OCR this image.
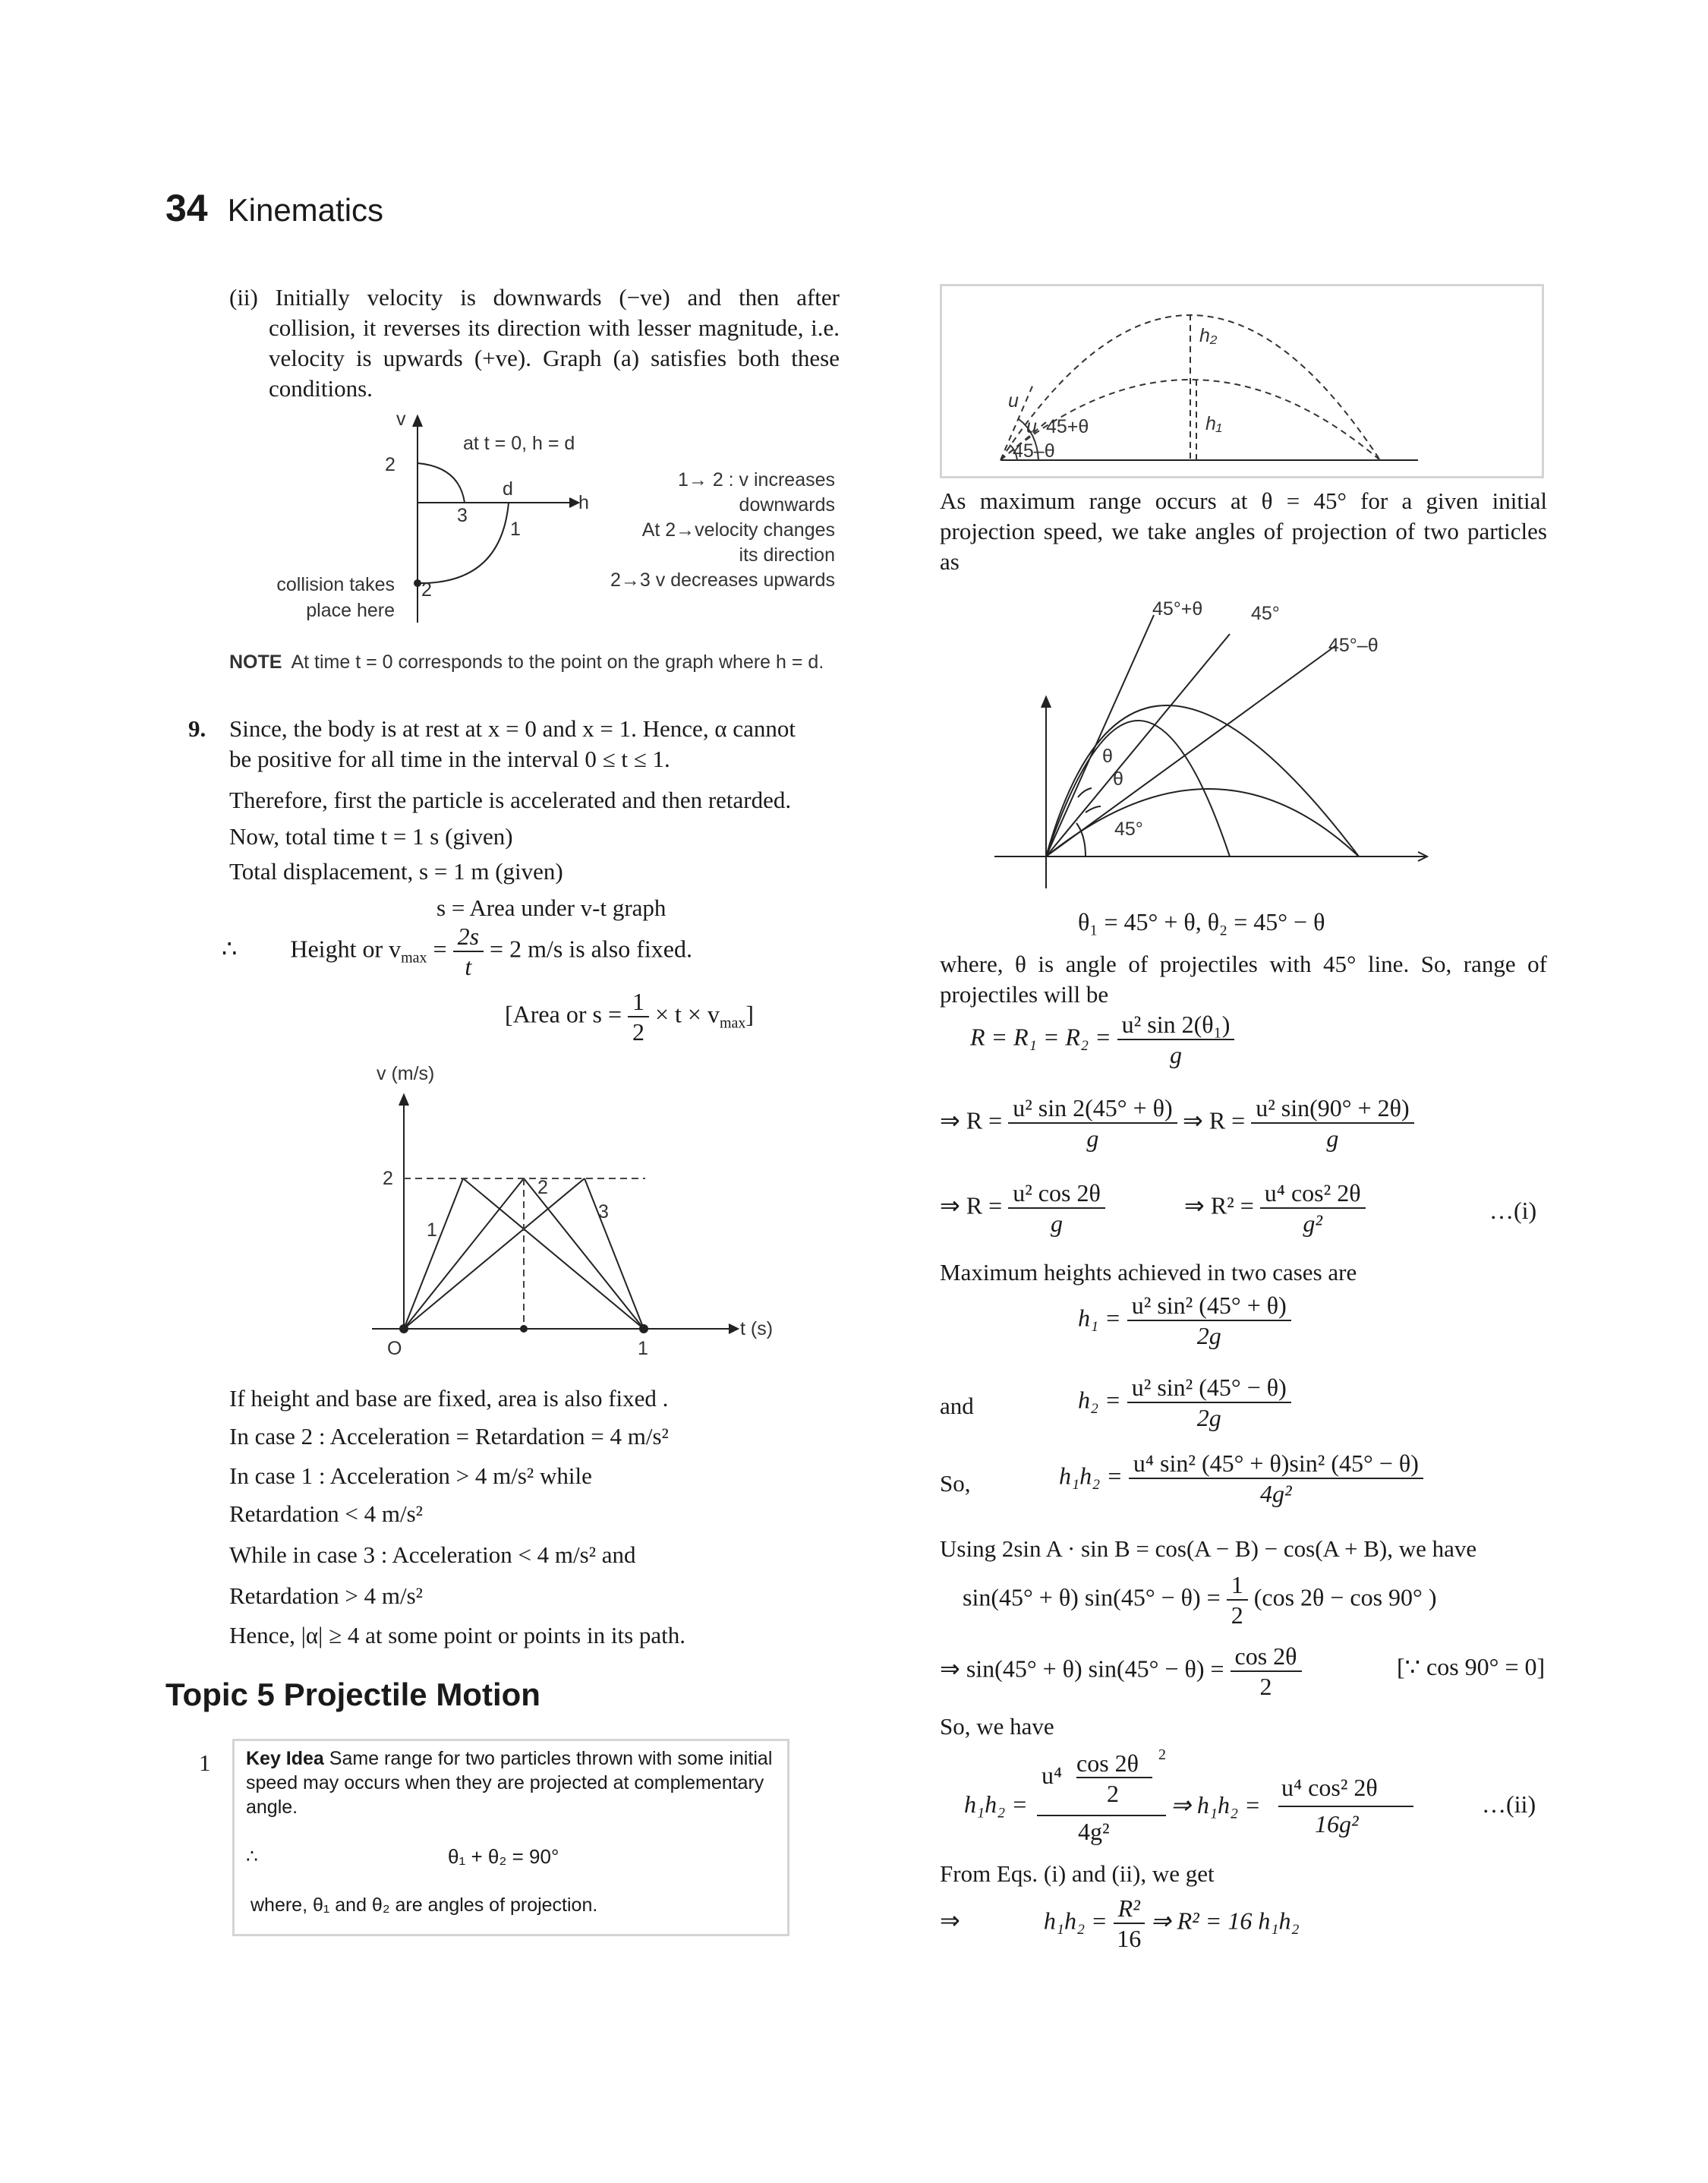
34 Kinematics
(ii) Initially velocity is downwards (−ve) and then after collision, it reverses its direction with lesser magnitude, i.e. velocity is upwards (+ve). Graph (a) satisfies both these conditions.
v
h
at t = 0, h = d
d
2
3
1
2
collision takes
place here
1→ 2 : v increases
downwards
At 2→velocity changes
its direction
2→3 v decreases upwards
NOTE At time t = 0 corresponds to the point on the graph where h = d.
9. Since, the body is at rest at x = 0 and x = 1. Hence, α cannot
be positive for all time in the interval 0 ≤ t ≤ 1.
Therefore, first the particle is accelerated and then retarded.
Now, total time t = 1 s (given)
Total displacement, s = 1 m (given)
s = Area under v-t graph
∴ Height or $v_{max} = \frac{2s}{t} = 2$ m/s is also fixed.
[Area or $s = \frac{1}{2} \times t \times v_{max}$]
v (m/s)
t (s)
2
1
O
1
2
3
If height and base are fixed, area is also fixed .
In case 2 : Acceleration = Retardation = 4 m/s²
In case 1 : Acceleration > 4 m/s² while
Retardation < 4 m/s²
While in case 3 : Acceleration < 4 m/s² and
Retardation > 4 m/s²
Hence, |α| ≥ 4 at some point or points in its path.
Topic 5 Projectile Motion
1 Key Idea Same range for two particles thrown with some initial speed may occurs when they are projected at complementary angle.
∴	θ₁ + θ₂ = 90°
where, θ₁ and θ₂ are angles of projection.
h₂
h₁
u
u 45+θ
45–θ
As maximum range occurs at θ = 45° for a given initial projection speed, we take angles of projection of two particles as
45°+θ	45°
45°–θ
θ
θ
45°
θ₁ = 45° + θ, θ₂ = 45° − θ
where, θ is angle of projectiles with 45° line. So, range of projectiles will be
$R = R_1 = R_2 = \frac{\text{u² sin 2(θ₁)}}{g}$
⇒ $R = \frac{\text{u² sin 2(45° + θ)}}{g}$ ⇒ $R = \frac{\text{u² sin(90° + 2θ)}}{g}$
⇒ $R = \frac{\text{u² cos 2θ}}{g}$	⇒ $R^2 = \frac{\text{u⁴ cos² 2θ}}{\text{g²}}$	…(i)
Maximum heights achieved in two cases are
$h_1 = \frac{\text{u² sin² (45° + θ)}}{2g}$
and	$h_2 = \frac{\text{u² sin² (45° − θ)}}{2g}$
So,	$h_1h_2 = \frac{\text{u⁴ sin² (45° + θ)sin² (45° − θ)}}{\text{4g²}}$
Using 2sin A · sin B = cos(A − B) − cos(A + B), we have
sin(45° + θ) $\sin(45^\circ - \theta) = \frac{1}{2} (\cos$ 2θ − cos 90° )
⇒ sin(45° + θ) $\sin(45^\circ - \theta) = \frac{\cos 2\theta}{2}$	[∵ cos 90° = 0]
So, we have
h₁h₂ =
u⁴ cos 2θ
2
2
4g²
⇒ h₁h₂ =
u⁴ cos² 2θ
16g²
…(ii)
From Eqs. (i) and (ii), we get
⇒	$h_1h_2 = \frac{\text{R²}}{16}$ ⇒ R² = 16 h₁h₂
